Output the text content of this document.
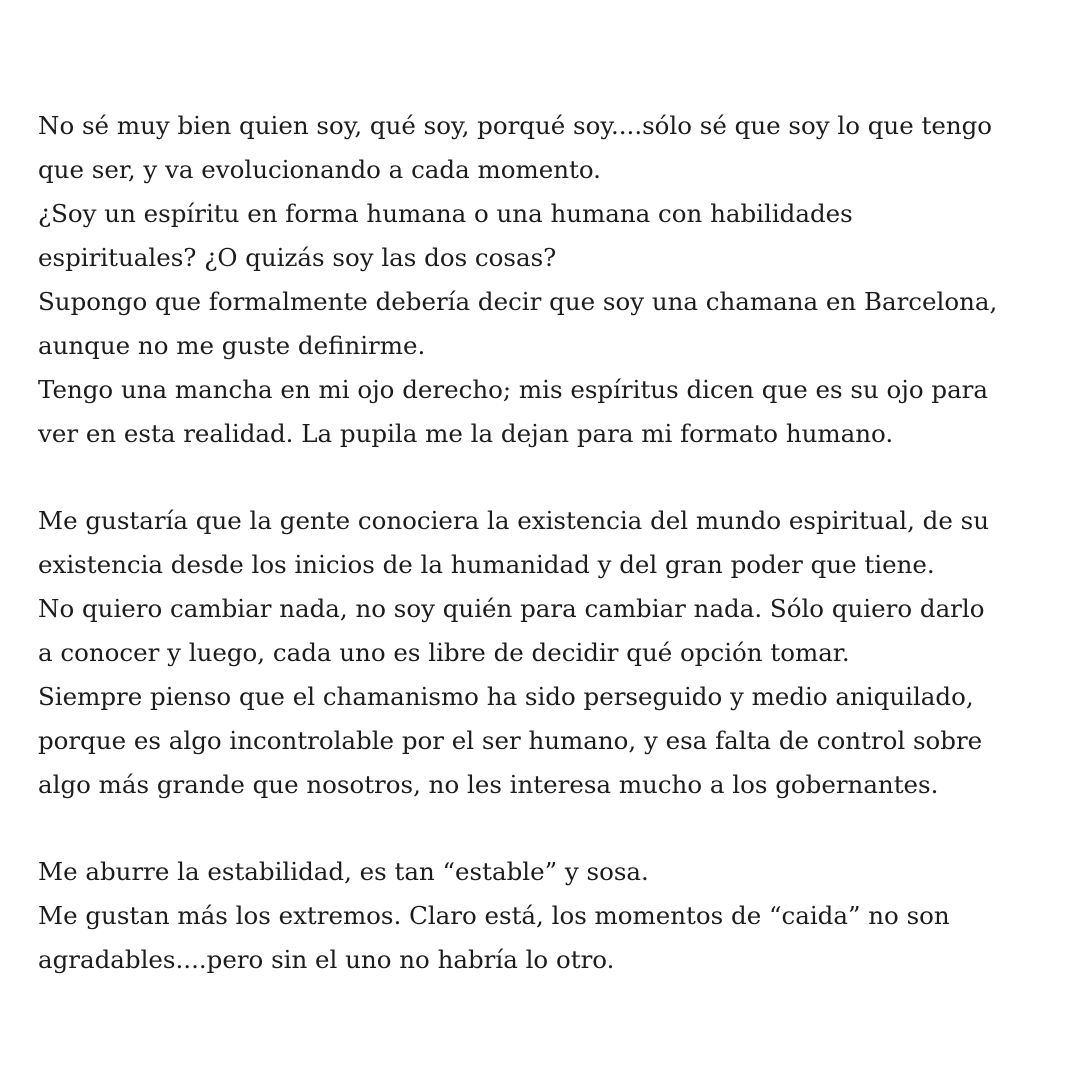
No sé muy bien quien soy, qué soy, porqué soy....sólo sé que soy lo que tengo
que ser, y va evolucionando a cada momento.
¿Soy un espíritu en forma humana o una humana con habilidades
espirituales? ¿O quizás soy las dos cosas?
Supongo que formalmente debería decir que soy una chamana en Barcelona,
aunque no me guste definirme.
Tengo una mancha en mi ojo derecho; mis espíritus dicen que es su ojo para
ver en esta realidad. La pupila me la dejan para mi formato humano.
Me gustaría que la gente conociera la existencia del mundo espiritual, de su
existencia desde los inicios de la humanidad y del gran poder que tiene.
No quiero cambiar nada, no soy quién para cambiar nada. Sólo quiero darlo
a conocer y luego, cada uno es libre de decidir qué opción tomar.
Siempre pienso que el chamanismo ha sido perseguido y medio aniquilado,
porque es algo incontrolable por el ser humano, y esa falta de control sobre
algo más grande que nosotros, no les interesa mucho a los gobernantes.
Me aburre la estabilidad, es tan “estable” y sosa.
Me gustan más los extremos. Claro está, los momentos de “caida” no son
agradables....pero sin el uno no habría lo otro.
